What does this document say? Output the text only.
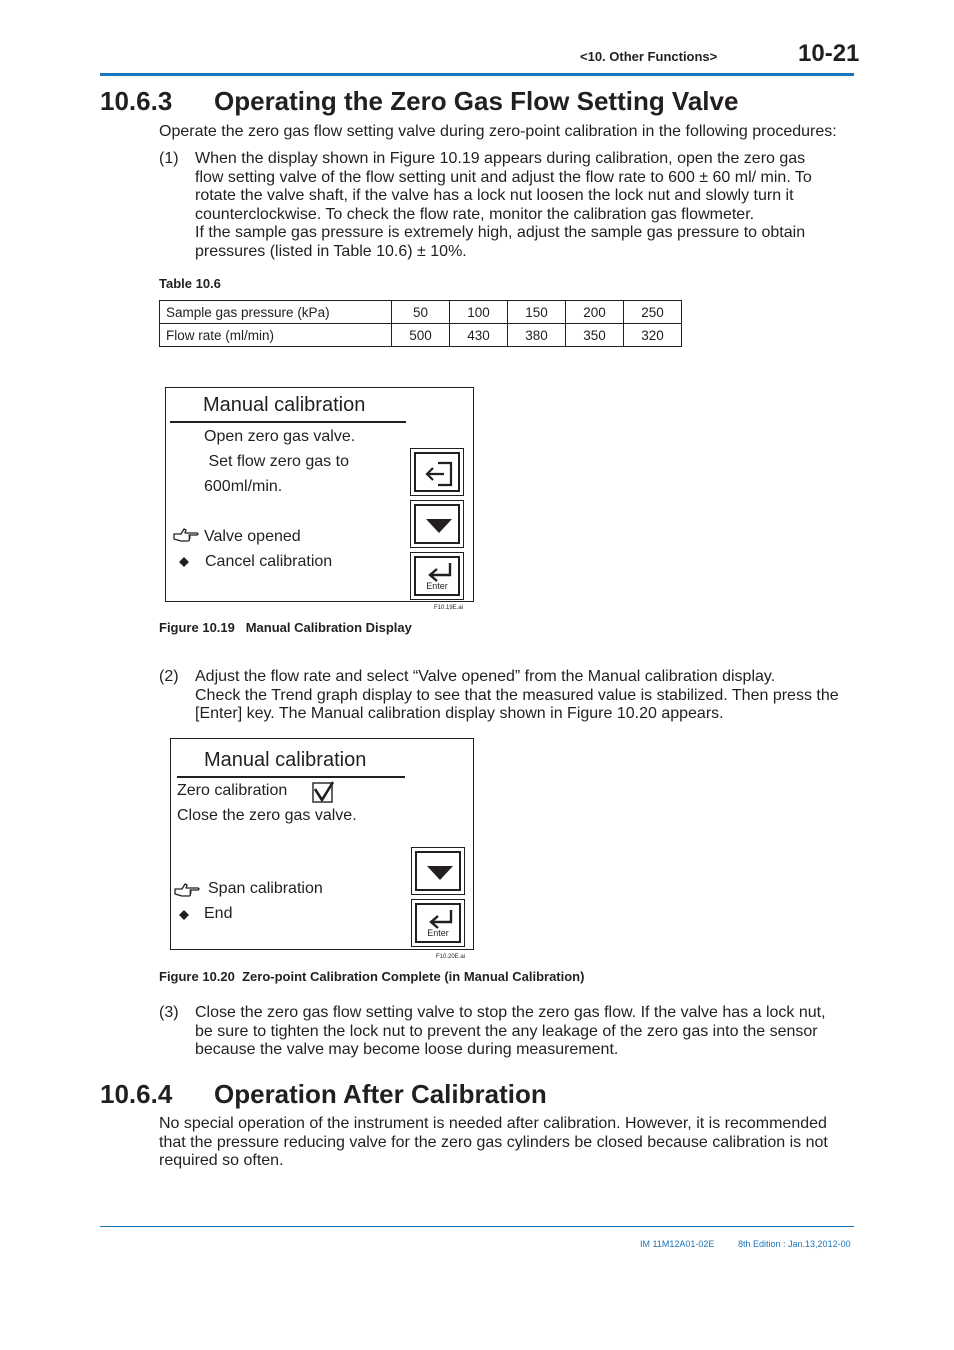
<10. Other Functions>	10-21
10.6.3 Operating the Zero Gas Flow Setting Valve
Operate the zero gas flow setting valve during zero-point calibration in the following procedures:
(1) When the display shown in Figure 10.19 appears during calibration, open the zero gas
flow setting valve of the flow setting unit and adjust the flow rate to 600 ± 60 ml/ min. To
rotate the valve shaft, if the valve has a lock nut loosen the lock nut and slowly turn it
counterclockwise. To check the flow rate, monitor the calibration gas flowmeter.
If the sample gas pressure is extremely high, adjust the sample gas pressure to obtain
pressures (listed in Table 10.6) ± 10%.
Table 10.6
Sample gas pressure (kPa)	50	100	150	200	250
Flow rate (ml/min)	500	430	380	350	320
Manual calibration
Open zero gas valve.
Set flow zero gas to
600ml/min.
Valve opened
Cancel calibration
Enter
F10.19E.ai
Figure 10.19 Manual Calibration Display
(2) Adjust the flow rate and select “Valve opened” from the Manual calibration display.
Check the Trend graph display to see that the measured value is stabilized. Then press the
[Enter] key. The Manual calibration display shown in Figure 10.20 appears.
Manual calibration
Zero calibration
Close the zero gas valve.
Span calibration
End
Enter
F10.20E.ai
Figure 10.20 Zero-point Calibration Complete (in Manual Calibration)
(3) Close the zero gas flow setting valve to stop the zero gas flow. If the valve has a lock nut,
be sure to tighten the lock nut to prevent the any leakage of the zero gas into the sensor
because the valve may become loose during measurement.
10.6.4 Operation After Calibration
No special operation of the instrument is needed after calibration. However, it is recommended
that the pressure reducing valve for the zero gas cylinders be closed because calibration is not
required so often.
IM 11M12A01-02E	8th Edition : Jan.13,2012-00
